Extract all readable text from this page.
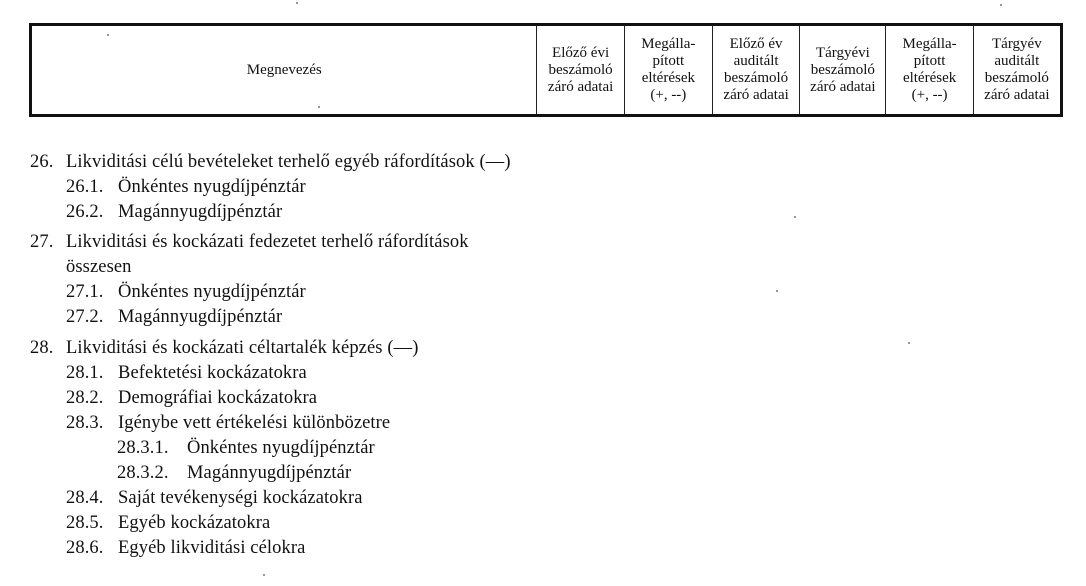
Megnevezés	
Előző évi
beszámoló
záró adatai

Megálla-
pított
eltérések
(+, --)

Előző év
auditált
beszámoló
záró adatai

Tárgyévi
beszámoló
záró adatai

Megálla-
pított
eltérések
(+, --)

Tárgyév
auditált
beszámoló
záró adatai
26. Likviditási célú bevételeket terhelő egyéb ráfordítások (—)
26.1. Önkéntes nyugdíjpénztár
26.2. Magánnyugdíjpénztár
27. Likviditási és kockázati fedezetet terhelő ráfordítások
összesen
27.1. Önkéntes nyugdíjpénztár
27.2. Magánnyugdíjpénztár
28. Likviditási és kockázati céltartalék képzés (—)
28.1. Befektetési kockázatokra
28.2. Demográfiai kockázatokra
28.3. Igénybe vett értékelési különbözetre
28.3.1. Önkéntes nyugdíjpénztár
28.3.2. Magánnyugdíjpénztár
28.4. Saját tevékenységi kockázatokra
28.5. Egyéb kockázatokra
28.6. Egyéb likviditási célokra
